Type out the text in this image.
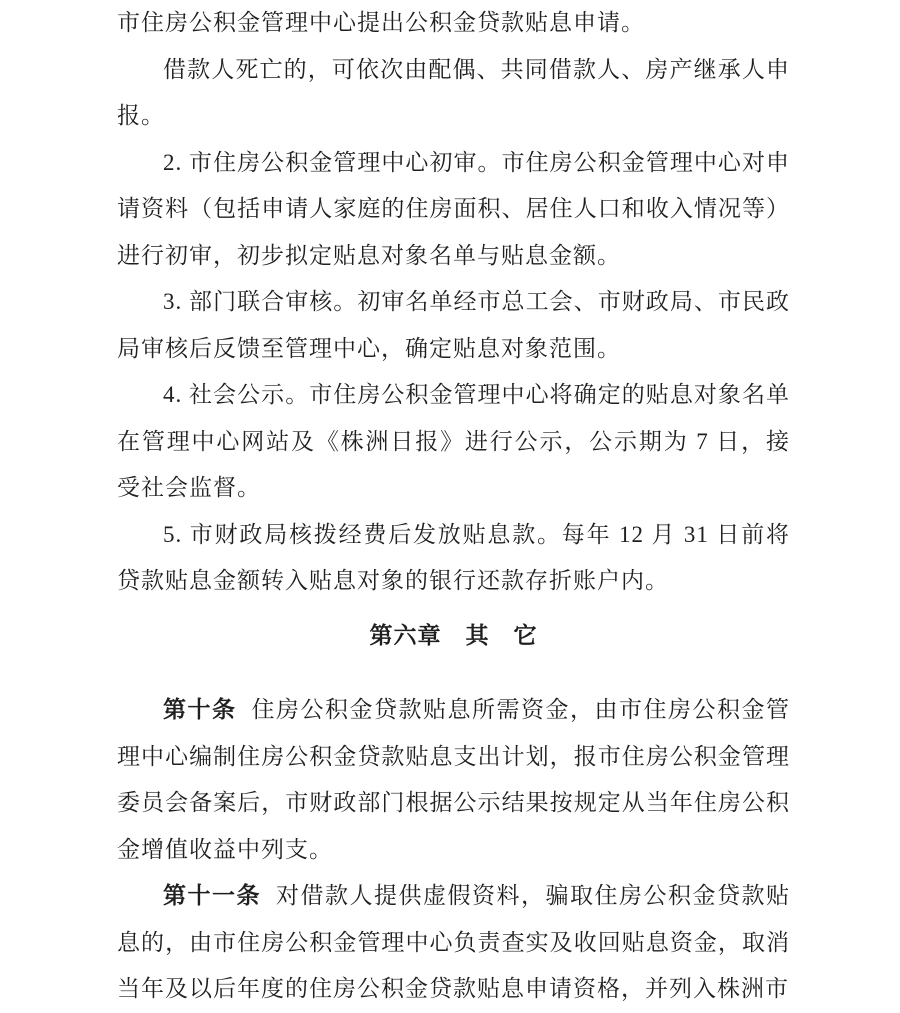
市住房公积金管理中心提出公积金贷款贴息申请。

借款人死亡的，可依次由配偶、共同借款人、房产继承人申报。

2. 市住房公积金管理中心初审。市住房公积金管理中心对申请资料（包括申请人家庭的住房面积、居住人口和收入情况等）进行初审，初步拟定贴息对象名单与贴息金额。

3. 部门联合审核。初审名单经市总工会、市财政局、市民政局审核后反馈至管理中心，确定贴息对象范围。

4. 社会公示。市住房公积金管理中心将确定的贴息对象名单在管理中心网站及《株洲日报》进行公示，公示期为 7 日，接受社会监督。

5. 市财政局核拨经费后发放贴息款。每年 12 月 31 日前将贷款贴息金额转入贴息对象的银行还款存折账户内。

第六章　其　它

第十条 住房公积金贷款贴息所需资金，由市住房公积金管理中心编制住房公积金贷款贴息支出计划，报市住房公积金管理委员会备案后，市财政部门根据公示结果按规定从当年住房公积金增值收益中列支。

第十一条 对借款人提供虚假资料，骗取住房公积金贷款贴息的，由市住房公积金管理中心负责查实及收回贴息资金，取消当年及以后年度的住房公积金贷款贴息申请资格，并列入株洲市
